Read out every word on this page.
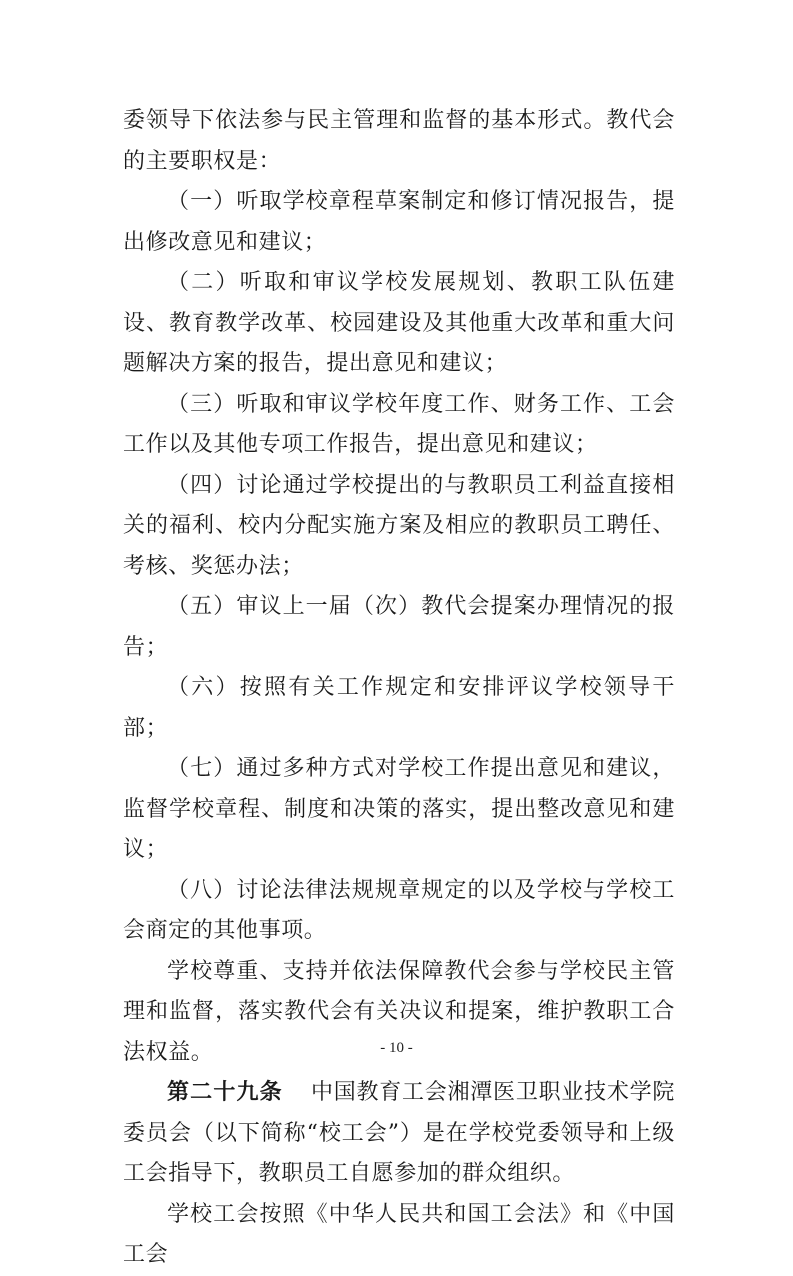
委领导下依法参与民主管理和监督的基本形式。教代会的主要职权是：

（一）听取学校章程草案制定和修订情况报告，提出修改意见和建议；

（二）听取和审议学校发展规划、教职工队伍建设、教育教学改革、校园建设及其他重大改革和重大问题解决方案的报告，提出意见和建议；

（三）听取和审议学校年度工作、财务工作、工会工作以及其他专项工作报告，提出意见和建议；

（四）讨论通过学校提出的与教职员工利益直接相关的福利、校内分配实施方案及相应的教职员工聘任、考核、奖惩办法；

（五）审议上一届（次）教代会提案办理情况的报告；

（六）按照有关工作规定和安排评议学校领导干部；

（七）通过多种方式对学校工作提出意见和建议，监督学校章程、制度和决策的落实，提出整改意见和建议；

（八）讨论法律法规规章规定的以及学校与学校工会商定的其他事项。

学校尊重、支持并依法保障教代会参与学校民主管理和监督，落实教代会有关决议和提案，维护教职工合法权益。

第二十九条 中国教育工会湘潭医卫职业技术学院委员会（以下简称“校工会”）是在学校党委领导和上级工会指导下，教职员工自愿参加的群众组织。

学校工会按照《中华人民共和国工会法》和《中国工会

- 10 -
